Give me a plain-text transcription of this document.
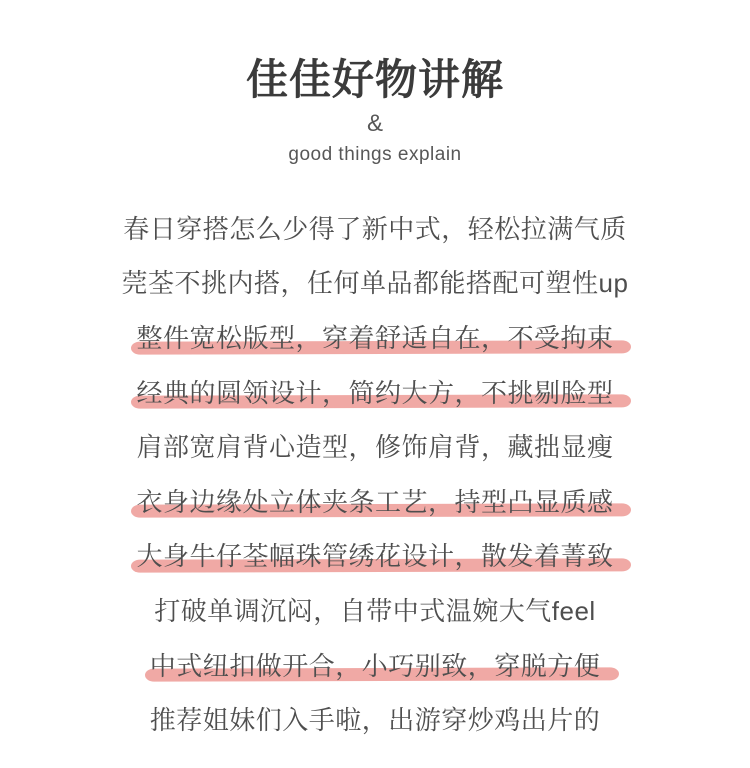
佳佳好物讲解
&
good things explain

春日穿搭怎么少得了新中式，轻松拉满气质

莞荃不挑内搭，任何单品都能搭配可塑性up

整件宽松版型，穿着舒适自在，不受拘束

经典的圆领设计，简约大方，不挑剔脸型

肩部宽肩背心造型，修饰肩背，藏拙显瘦

衣身边缘处立体夹条工艺，持型凸显质感

大身牛仔荃幅珠管绣花设计，散发着菁致

打破单调沉闷，自带中式温婉大气feel

中式纽扣做开合，小巧别致，穿脱方便

推荐姐妹们入手啦，出游穿炒鸡出片的
